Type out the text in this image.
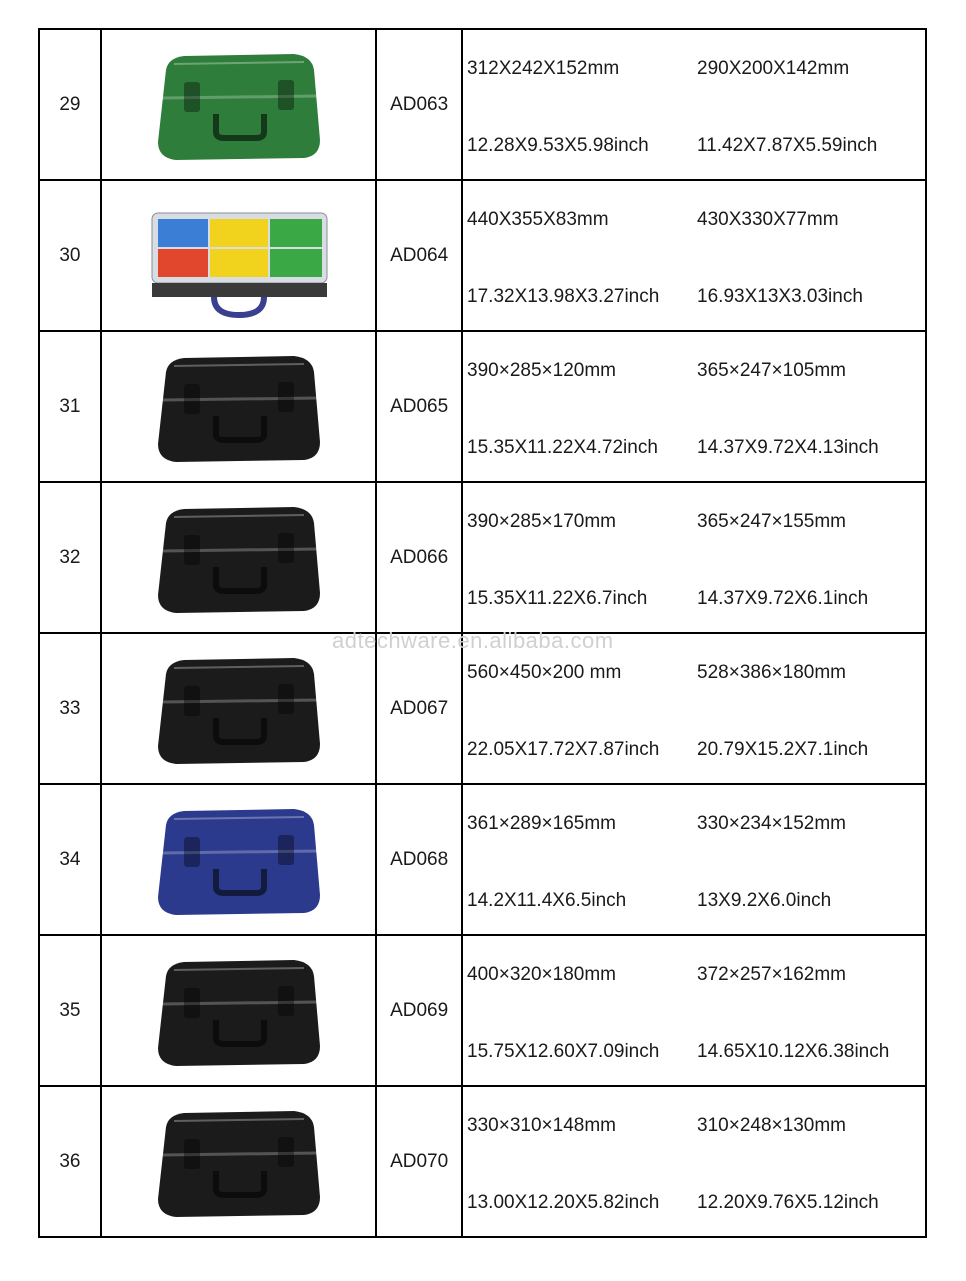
29	AD063
312X242X152mm	290X200X142mm
12.28X9.53X5.98inch	11.42X7.87X5.59inch
30	AD064
440X355X83mm	430X330X77mm
17.32X13.98X3.27inch	16.93X13X3.03inch
31	AD065
390×285×120mm	365×247×105mm
15.35X11.22X4.72inch	14.37X9.72X4.13inch
32	AD066
390×285×170mm	365×247×155mm
15.35X11.22X6.7inch	14.37X9.72X6.1inch
33	AD067
560×450×200 mm	528×386×180mm
22.05X17.72X7.87inch	20.79X15.2X7.1inch
34	AD068
361×289×165mm	330×234×152mm
14.2X11.4X6.5inch	13X9.2X6.0inch
35	AD069
400×320×180mm	372×257×162mm
15.75X12.60X7.09inch	14.65X10.12X6.38inch
36	AD070
330×310×148mm	310×248×130mm
13.00X12.20X5.82inch	12.20X9.76X5.12inch
adtechware.en.alibaba.com
